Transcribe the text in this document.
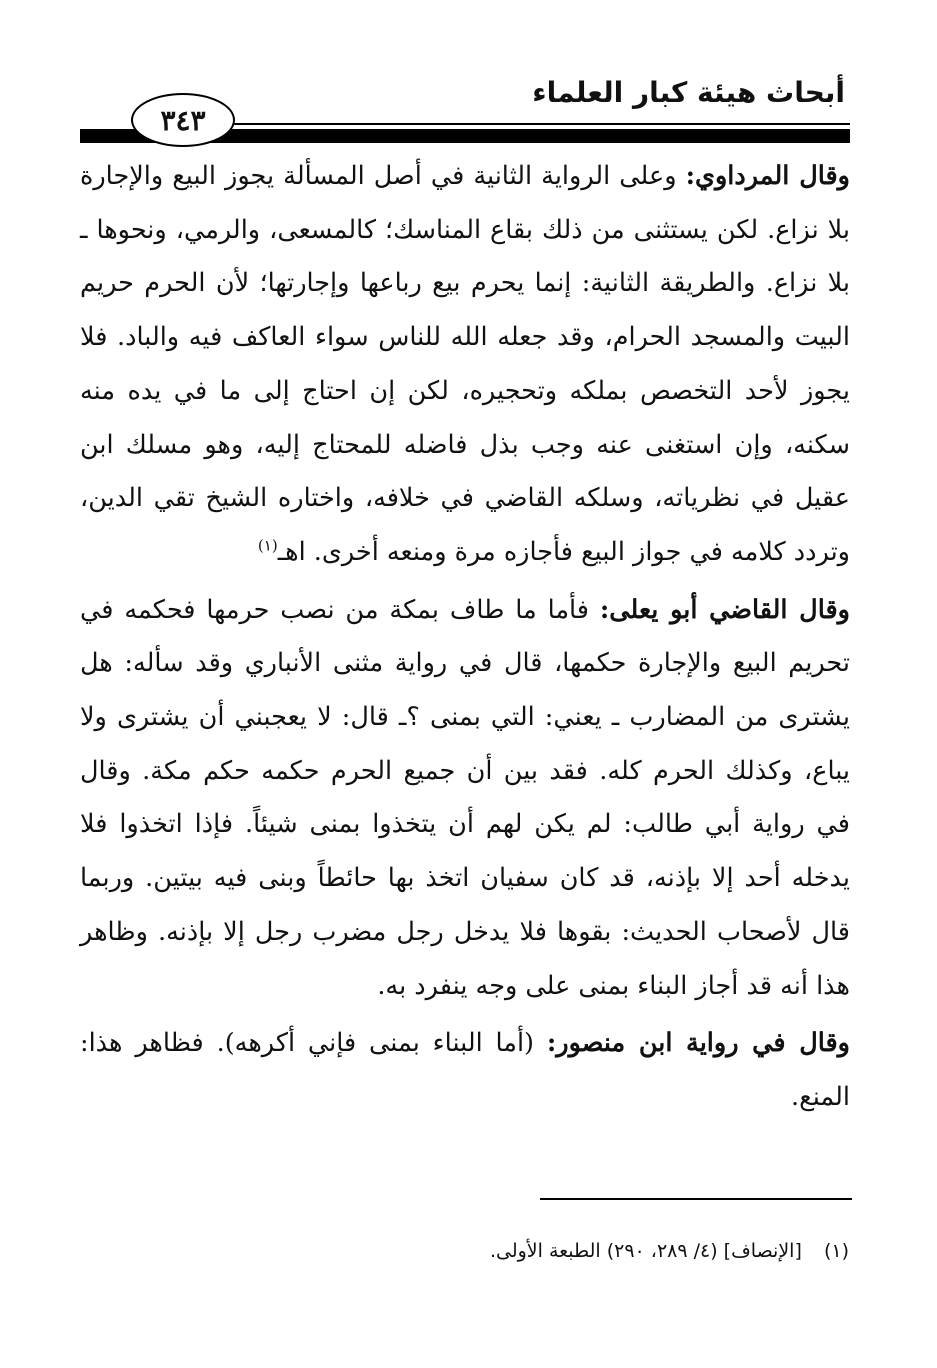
أبحاث هيئة كبار العلماء
٣٤٣

وقال المرداوي: وعلى الرواية الثانية في أصل المسألة يجوز البيع والإجارة بلا نزاع. لكن يستثنى من ذلك بقاع المناسك؛ كالمسعى، والرمي، ونحوها ـ بلا نزاع. والطريقة الثانية: إنما يحرم بيع رباعها وإجارتها؛ لأن الحرم حريم البيت والمسجد الحرام، وقد جعله الله للناس سواء العاكف فيه والباد. فلا يجوز لأحد التخصص بملكه وتحجيره، لكن إن احتاج إلى ما في يده منه سكنه، وإن استغنى عنه وجب بذل فاضله للمحتاج إليه، وهو مسلك ابن عقيل في نظرياته، وسلكه القاضي في خلافه، واختاره الشيخ تقي الدين، وتردد كلامه في جواز البيع فأجازه مرة ومنعه أخرى. اهـ$^{(١)}$

وقال القاضي أبو يعلى: فأما ما طاف بمكة من نصب حرمها فحكمه في تحريم البيع والإجارة حكمها، قال في رواية مثنى الأنباري وقد سأله: هل يشترى من المضارب ـ يعني: التي بمنى ؟ـ قال: لا يعجبني أن يشترى ولا يباع، وكذلك الحرم كله. فقد بين أن جميع الحرم حكمه حكم مكة. وقال في رواية أبي طالب: لم يكن لهم أن يتخذوا بمنى شيئاً. فإذا اتخذوا فلا يدخله أحد إلا بإذنه، قد كان سفيان اتخذ بها حائطاً وبنى فيه بيتين. وربما قال لأصحاب الحديث: بقوها فلا يدخل رجل مضرب رجل إلا بإذنه. وظاهر هذا أنه قد أجاز البناء بمنى على وجه ينفرد به.

وقال في رواية ابن منصور: (أما البناء بمنى فإني أكرهه). فظاهر هذا: المنع.

(١) [الإنصاف] (٤/ ٢٨٩، ٢٩٠) الطبعة الأولى.
